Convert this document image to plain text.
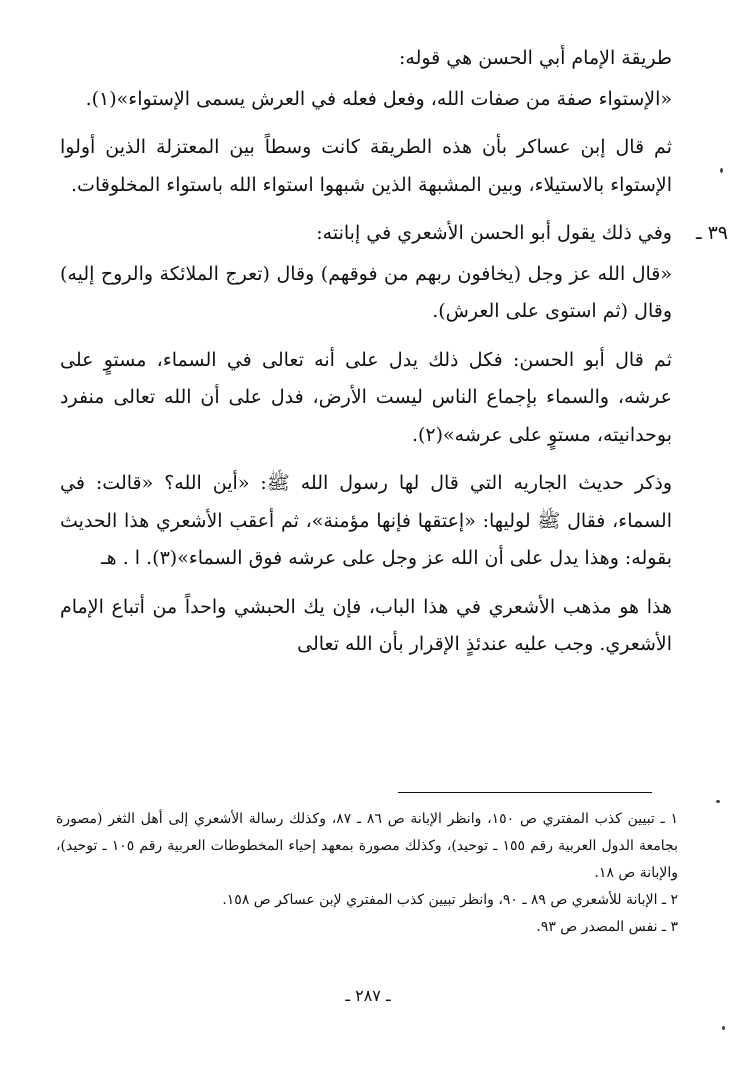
طريقة الإمام أبي الحسن هي قوله:

«الإستواء صفة من صفات الله، وفعل فعله في العرش يسمى الإستواء»(١).

ثم قال إبن عساكر بأن هذه الطريقة كانت وسطاً بين المعتزلة الذين أولوا الإستواء بالاستيلاء، وبين المشبهة الذين شبهوا استواء الله باستواء المخلوقات.

٣٩ ـ

وفي ذلك يقول أبو الحسن الأشعري في إبانته:

«قال الله عز وجل (يخافون ربهم من فوقهم) وقال (تعرج الملائكة والروح إليه) وقال (ثم استوى على العرش).

ثم قال أبو الحسن: فكل ذلك يدل على أنه تعالى في السماء، مستوٍ على عرشه، والسماء بإجماع الناس ليست الأرض، فدل على أن الله تعالى منفرد بوحدانيته، مستوٍ على عرشه»(٢).

وذكر حديث الجاريه التي قال لها رسول الله ﷺ: «أين الله؟ «قالت: في السماء، فقال ﷺ لوليها: «إعتقها فإنها مؤمنة»، ثم أعقب الأشعري هذا الحديث بقوله: وهذا يدل على أن الله عز وجل على عرشه فوق السماء»(٣). ا . هـ

هذا هو مذهب الأشعري في هذا الباب، فإن يك الحبشي واحداً من أتباع الإمام الأشعري. وجب عليه عندئذٍ الإقرار بأن الله تعالى

١ ـ تبيين كذب المفتري ص ١٥٠، وانظر الإبانة ص ٨٦ ـ ٨٧، وكذلك رسالة الأشعري إلى أهل الثغر (مصورة بجامعة الدول العربية رقم ١٥٥ ـ توحيد)، وكذلك مصورة بمعهد إحياء المخطوطات العربية رقم ١٠٥ ـ توحيد)، والإبانة ص ١٨.

٢ ـ الإبانة للأشعري ص ٨٩ ـ ٩٠، وانظر تبيين كذب المفتري لإبن عساكر ص ١٥٨.

٣ ـ نفس المصدر ص ٩٣.

ـ ٢٨٧ ـ
